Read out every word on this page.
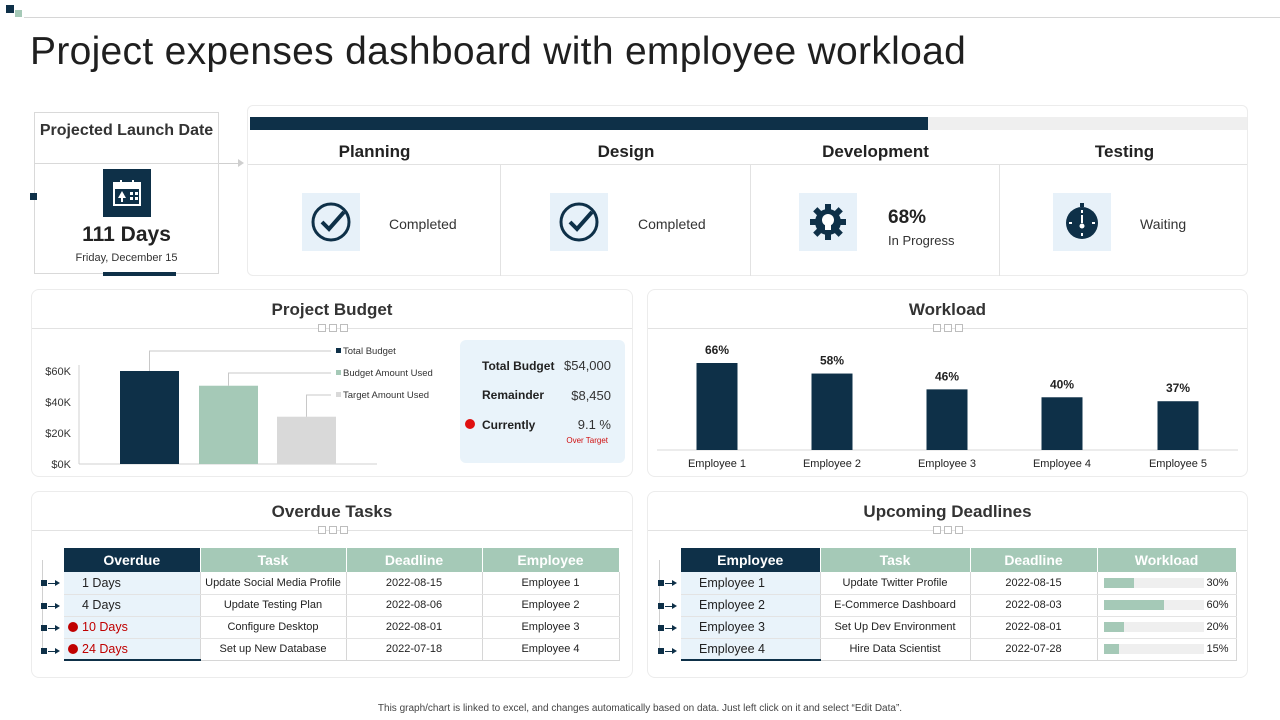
Project expenses dashboard with employee workload
Projected Launch Date
111 Days
Friday, December 15
Planning
Completed
Design
Completed
Development
68%
In Progress
Testing
Waiting
Project Budget
$60K
$40K
$20K
$0K
Total Budget
Budget Amount Used
Target Amount Used
Total Budget $54,000
Remainder $8,450
Currently	9.1 %
Over Target
Workload
66%
Employee 1
58%
Employee 2
46%
Employee 3
40%
Employee 4
37%
Employee 5
Overdue Tasks
Overdue	Task	Deadline	Employee
1 Days	Update Social Media Profile	2022-08-15	Employee 1
4 Days	Update Testing Plan	2022-08-06	Employee 2
10 Days	Configure Desktop	2022-08-01	Employee 3
24 Days	Set up New Database	2022-07-18	Employee 4
Upcoming Deadlines
Employee	Task	Deadline	Workload
Employee 1	Update Twitter Profile	2022-08-15	30%

Employee 2	E-Commerce Dashboard	2022-08-03	60%

Employee 3	Set Up Dev Environment	2022-08-01	20%

Employee 4	Hire Data Scientist	2022-07-28	15%
This graph/chart is linked to excel, and changes automatically based on data. Just left click on it and select “Edit Data”.
